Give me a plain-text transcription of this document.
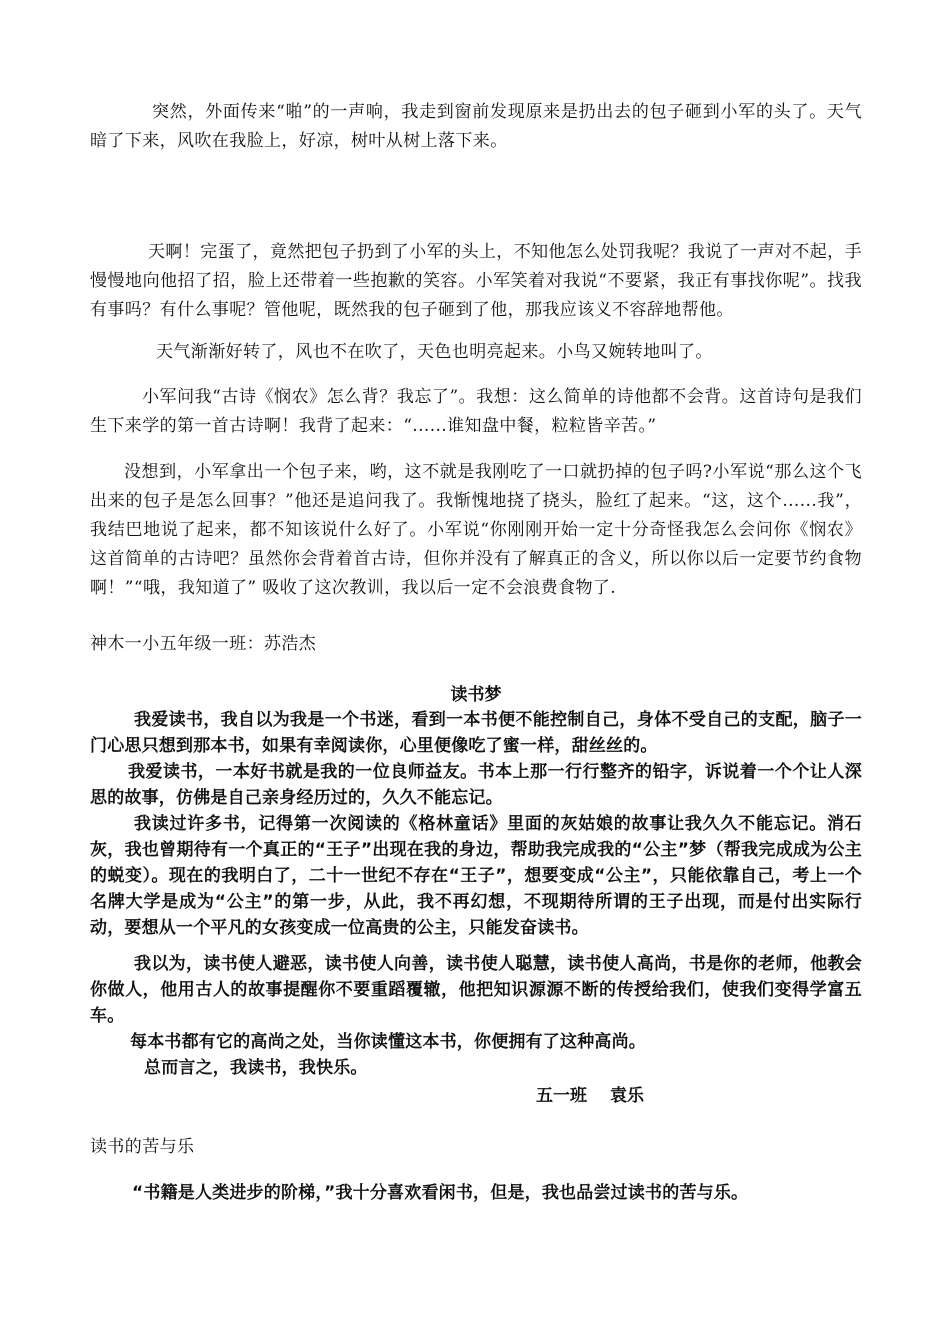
突然，外面传来“啪”的一声响，我走到窗前发现原来是扔出去的包子砸到小军的头了。天气暗了下来，风吹在我脸上，好凉，树叶从树上落下来。

天啊！完蛋了，竟然把包子扔到了小军的头上，不知他怎么处罚我呢？我说了一声对不起，手慢慢地向他招了招，脸上还带着一些抱歉的笑容。小军笑着对我说“不要紧，我正有事找你呢”。找我有事吗？有什么事呢？管他呢，既然我的包子砸到了他，那我应该义不容辞地帮他。

天气渐渐好转了，风也不在吹了，天色也明亮起来。小鸟又婉转地叫了。

小军问我“古诗《悯农》怎么背？我忘了”。我想：这么简单的诗他都不会背。这首诗句是我们生下来学的第一首古诗啊！我背了起来：“......谁知盘中餐，粒粒皆辛苦。”

没想到，小军拿出一个包子来，哟，这不就是我刚吃了一口就扔掉的包子吗?小军说“那么这个飞出来的包子是怎么回事？”他还是追问我了。我惭愧地挠了挠头，脸红了起来。“这，这个......我”，我结巴地说了起来，都不知该说什么好了。小军说“你刚刚开始一定十分奇怪我怎么会问你《悯农》这首简单的古诗吧？虽然你会背着首古诗，但你并没有了解真正的含义，所以你以后一定要节约食物啊！”“哦，我知道了” 吸收了这次教训，我以后一定不会浪费食物了.

神木一小五年级一班：苏浩杰

读书梦

我爱读书，我自以为我是一个书迷，看到一本书便不能控制自己，身体不受自己的支配，脑子一门心思只想到那本书，如果有幸阅读你，心里便像吃了蜜一样，甜丝丝的。

我爱读书，一本好书就是我的一位良师益友。书本上那一行行整齐的铅字，诉说着一个个让人深思的故事，仿佛是自己亲身经历过的，久久不能忘记。

我读过许多书，记得第一次阅读的《格林童话》里面的灰姑娘的故事让我久久不能忘记。消石灰，我也曾期待有一个真正的“王子”出现在我的身边，帮助我完成我的“公主”梦（帮我完成成为公主的蜕变）。现在的我明白了，二十一世纪不存在“王子”，想要变成“公主”，只能依靠自己，考上一个名牌大学是成为“公主”的第一步，从此，我不再幻想，不现期待所谓的王子出现，而是付出实际行动，要想从一个平凡的女孩变成一位高贵的公主，只能发奋读书。

我以为，读书使人避恶，读书使人向善，读书使人聪慧，读书使人高尚，书是你的老师，他教会你做人，他用古人的故事提醒你不要重蹈覆辙，他把知识源源不断的传授给我们，使我们变得学富五车。

每本书都有它的高尚之处，当你读懂这本书，你便拥有了这种高尚。

总而言之，我读书，我快乐。

五一班　 袁乐

读书的苦与乐

“书籍是人类进步的阶梯，”我十分喜欢看闲书，但是，我也品尝过读书的苦与乐。
